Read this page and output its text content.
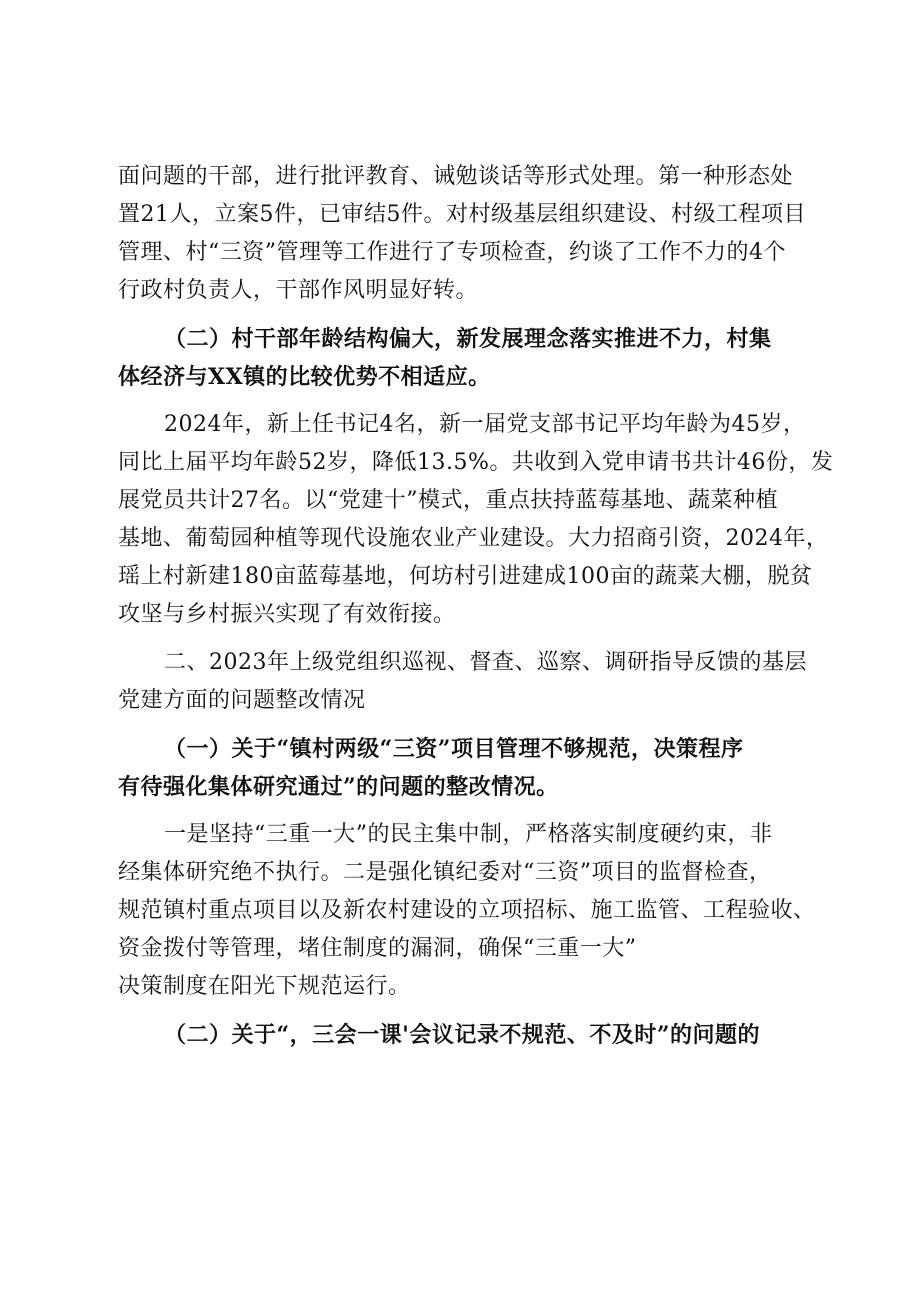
面问题的干部，进行批评教育、诫勉谈话等形式处理。第一种形态处
置21人，立案5件，已审结5件。对村级基层组织建设、村级工程项目
管理、村“三资”管理等工作进行了专项检查，约谈了工作不力的4个
行政村负责人，干部作风明显好转。
（二）村干部年龄结构偏大，新发展理念落实推进不力，村集
体经济与XX镇的比较优势不相适应。
2024年，新上任书记4名，新一届党支部书记平均年龄为45岁，
同比上届平均年龄52岁，降低13.5%。共收到入党申请书共计46份，发
展党员共计27名。以“党建十”模式，重点扶持蓝莓基地、蔬菜种植
基地、葡萄园种植等现代设施农业产业建设。大力招商引资，2024年，
瑶上村新建180亩蓝莓基地，何坊村引进建成100亩的蔬菜大棚，脱贫
攻坚与乡村振兴实现了有效衔接。
二、2023年上级党组织巡视、督查、巡察、调研指导反馈的基层
党建方面的问题整改情况
（一）关于“镇村两级“三资”项目管理不够规范，决策程序
有待强化集体研究通过”的问题的整改情况。
一是坚持“三重一大”的民主集中制，严格落实制度硬约束，非
经集体研究绝不执行。二是强化镇纪委对“三资”项目的监督检查，
规范镇村重点项目以及新农村建设的立项招标、施工监管、工程验收、
资金拨付等管理，堵住制度的漏洞，确保“三重一大”
决策制度在阳光下规范运行。
（二）关于“，三会一课'会议记录不规范、不及时”的问题的
